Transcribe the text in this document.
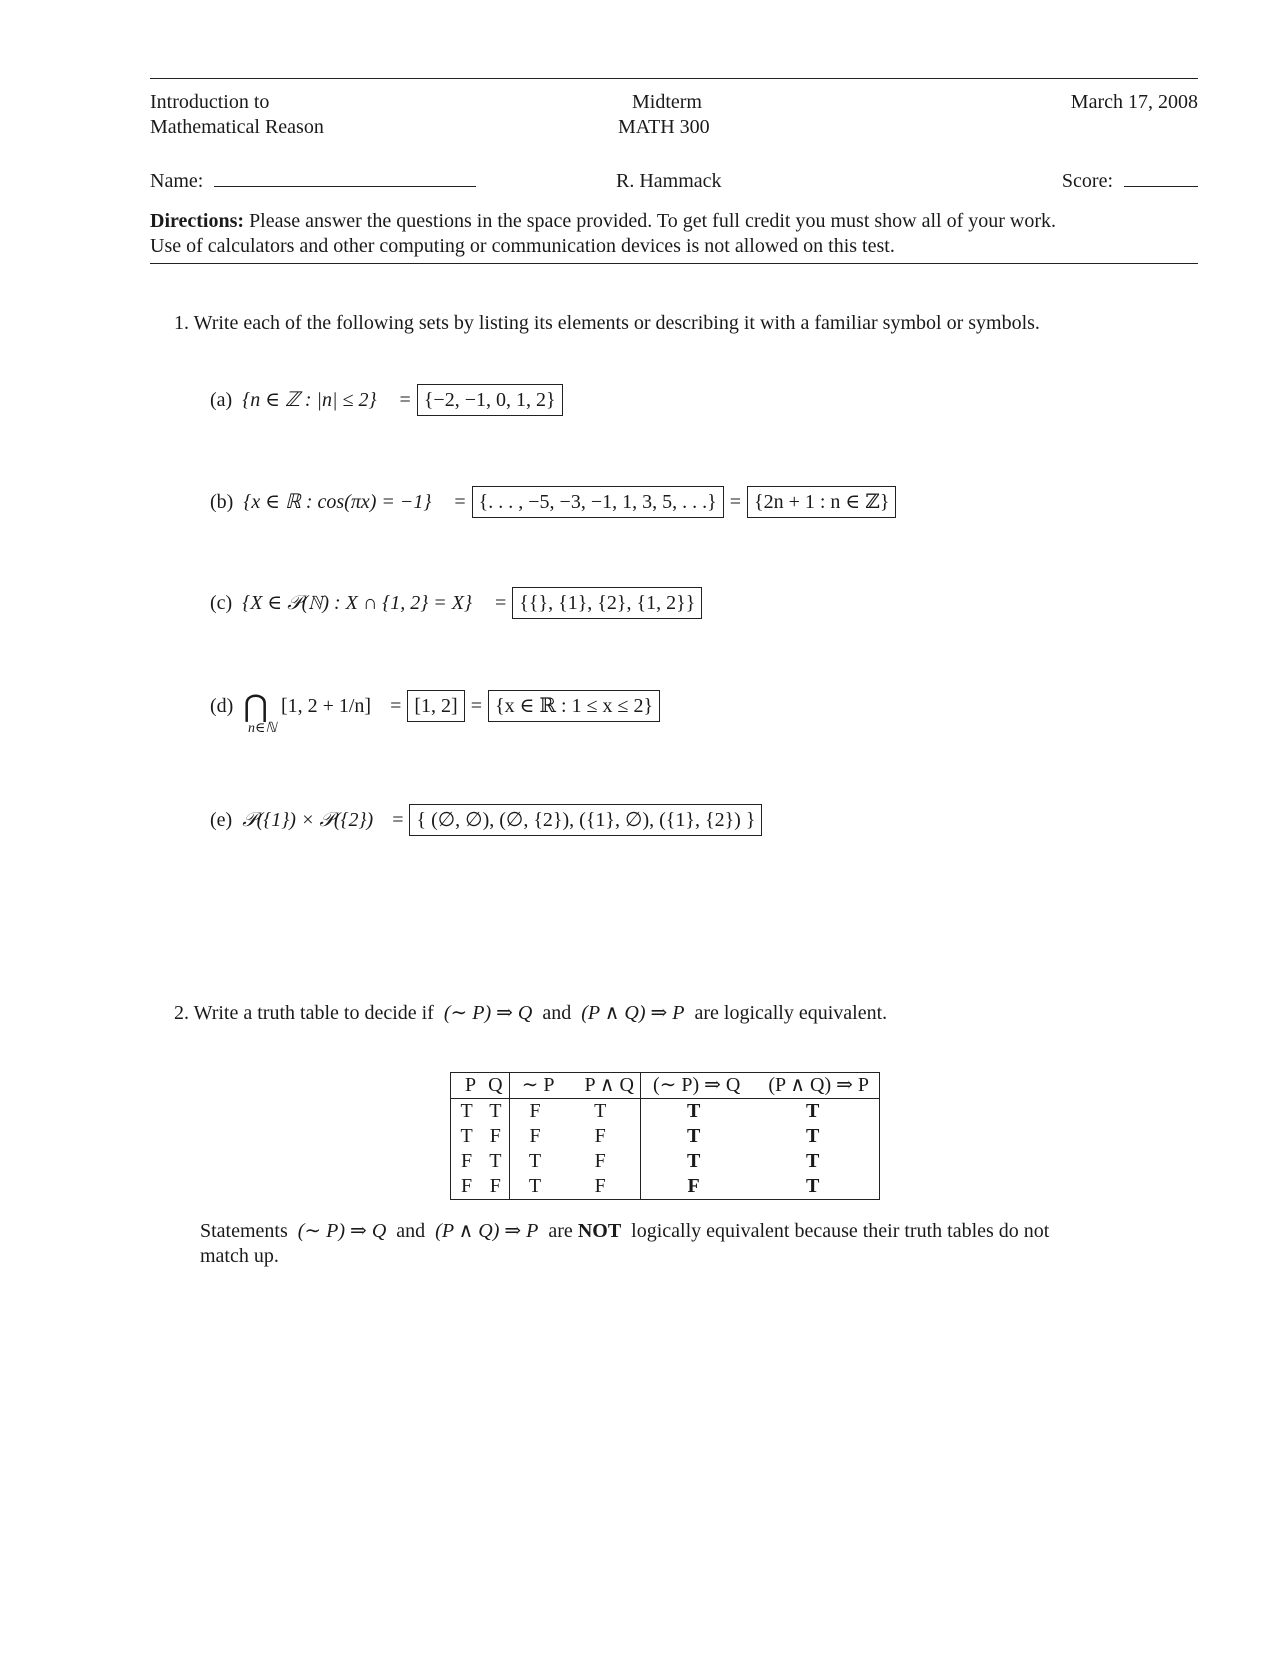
Introduction to
Mathematical Reason
Midterm
MATH 300
March 17, 2008
Name:	R. Hammack	Score:
Directions: Please answer the questions in the space provided. To get full credit you must show all of your work.
Use of calculators and other computing or communication devices is not allowed on this test.
1. Write each of the following sets by listing its elements or describing it with a familiar symbol or symbols.
(a) {n ∈ ℤ : |n| ≤ 2} = {−2, −1, 0, 1, 2}
(b) {x ∈ ℝ : cos(πx) = −1} = {. . . , −5, −3, −1, 1, 3, 5, . . .} = {2n + 1 : n ∈ ℤ}
(c) {X ∈ 𝒫(ℕ) : X ∩ {1, 2} = X} = {{}, {1}, {2}, {1, 2}}
(d) ⋂
n∈ℕ
[1, 2 + 1/n] = [1, 2] = {x ∈ ℝ : 1 ≤ x ≤ 2}
(e) 𝒫({1}) × 𝒫({2}) = { (∅, ∅), (∅, {2}), ({1}, ∅), ({1}, {2}) }
2. Write a truth table to decide if (∼ P) ⇒ Q and (P ∧ Q) ⇒ P are logically equivalent.
P	Q	∼ P	P ∧ Q	(∼ P) ⇒ Q	(P ∧ Q) ⇒ P
T	T	F	T	T	T
T	F	F	F	T	T
F	T	T	F	T	T
F	F	T	F	F	T
Statements (∼ P) ⇒ Q and (P ∧ Q) ⇒ P are NOT logically equivalent because their truth tables do not
match up.
